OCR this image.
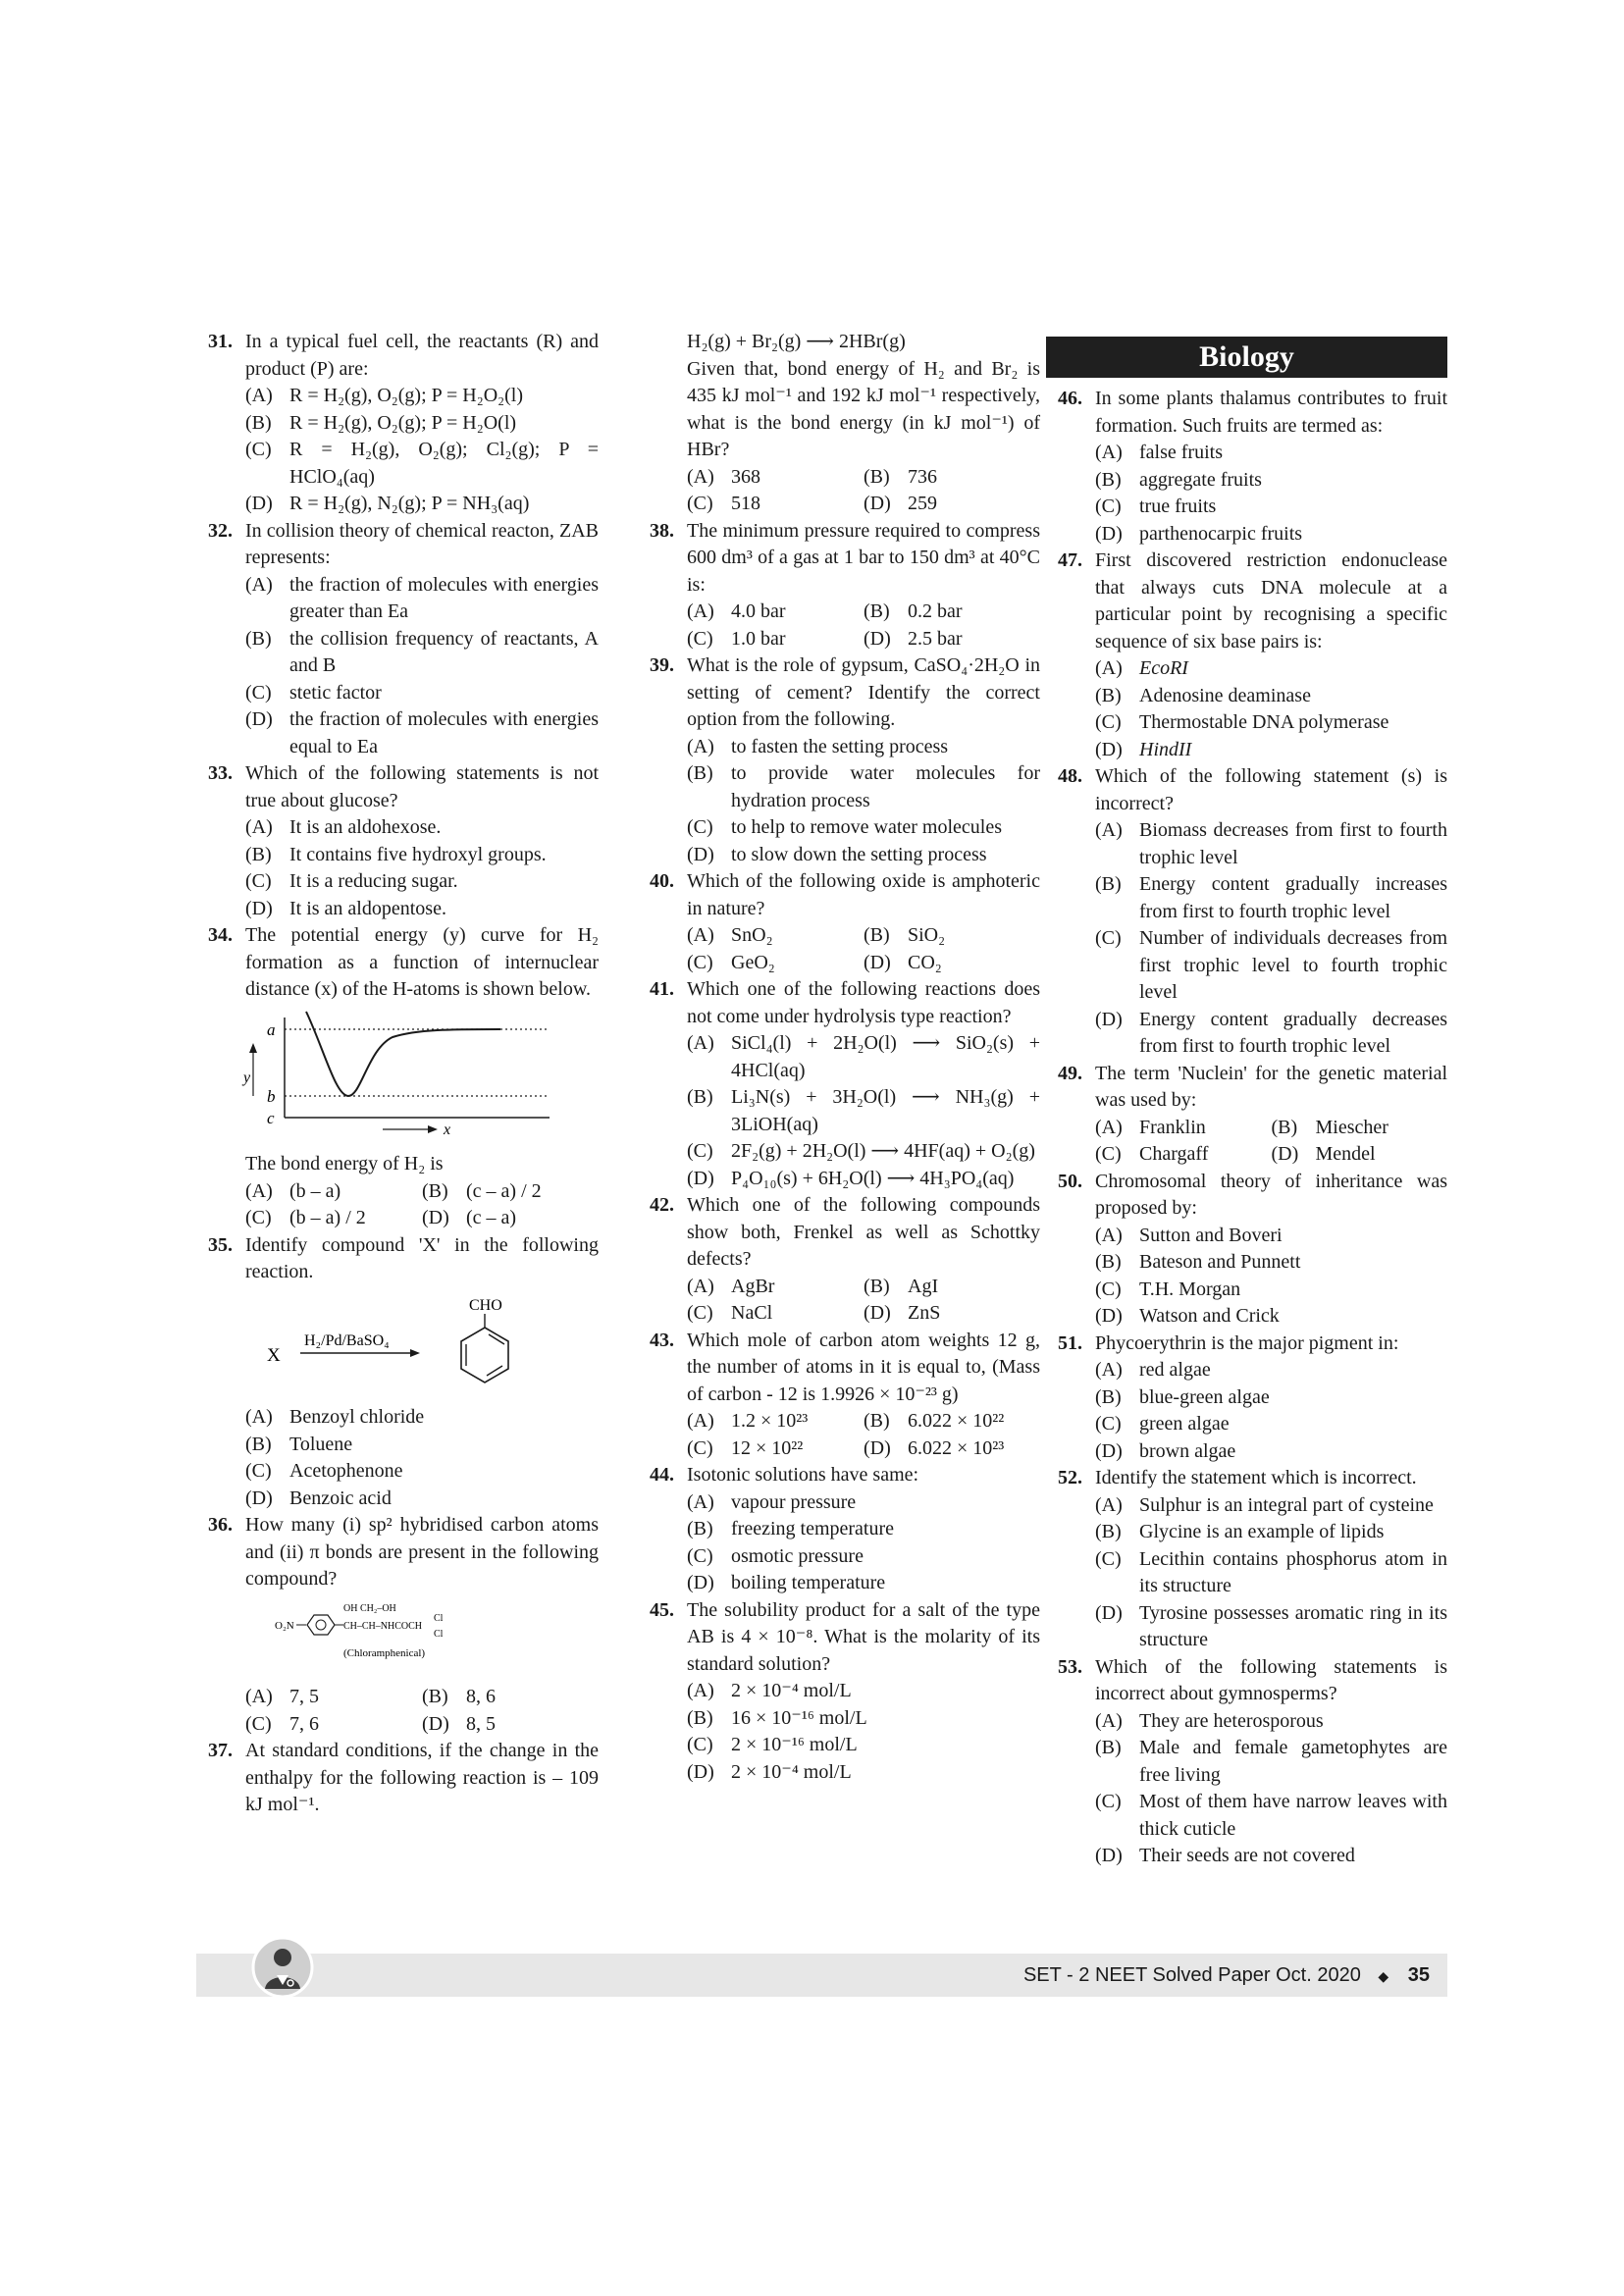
31. In a typical fuel cell, the reactants (R) and product (P) are:
(A) R = H₂(g), O₂(g); P = H₂O₂(l)
(B) R = H₂(g), O₂(g); P = H₂O(l)
(C) R = H₂(g), O₂(g); Cl₂(g); P = HClO₄(aq)
(D) R = H₂(g), N₂(g); P = NH₃(aq)
32. In collision theory of chemical reacton, ZAB represents:
(A) the fraction of molecules with energies greater than Ea
(B) the collision frequency of reactants, A and B
(C) stetic factor
(D) the fraction of molecules with energies equal to Ea
33. Which of the following statements is not true about glucose?
(A) It is an aldohexose.
(B) It contains five hydroxyl groups.
(C) It is a reducing sugar.
(D) It is an aldopentose.
34. The potential energy (y) curve for H₂ formation as a function of internuclear distance (x) of the H-atoms is shown below.
a
b
c
y
x
The bond energy of H₂ is
(A) (b – a)	(B) (c – a) / 2
(C) (b – a) / 2	(D) (c – a)
35. Identify compound 'X' in the following reaction.
X
H₂/Pd/BaSO₄
CHO
(A) Benzoyl chloride
(B) Toluene
(C) Acetophenone
(D) Benzoic acid
36. How many (i) sp² hybridised carbon atoms and (ii) π bonds are present in the following compound?
O₂N
OH CH₂–OH
CH–CH–NHCOCH
Cl
Cl
(Chloramphenical)
(A) 7, 5	(B) 8, 6
(C) 7, 6	(D) 8, 5
37. At standard conditions, if the change in the enthalpy for the following reaction is – 109 kJ mol⁻¹.
H₂(g) + Br₂(g) ⟶ 2HBr(g)
Given that, bond energy of H₂ and Br₂ is 435 kJ mol⁻¹ and 192 kJ mol⁻¹ respectively, what is the bond energy (in kJ mol⁻¹) of HBr?
(A) 368	(B) 736
(C) 518	(D) 259
38. The minimum pressure required to compress 600 dm³ of a gas at 1 bar to 150 dm³ at 40°C is:
(A) 4.0 bar	(B) 0.2 bar
(C) 1.0 bar	(D) 2.5 bar
39. What is the role of gypsum, CaSO₄·2H₂O in setting of cement? Identify the correct option from the following.
(A) to fasten the setting process
(B) to provide water molecules for hydration process
(C) to help to remove water molecules
(D) to slow down the setting process
40. Which of the following oxide is amphoteric in nature?
(A) SnO₂	(B) SiO₂
(C) GeO₂	(D) CO₂
41. Which one of the following reactions does not come under hydrolysis type reaction?
(A) SiCl₄(l) + 2H₂O(l) ⟶ SiO₂(s) + 4HCl(aq)
(B) Li₃N(s) + 3H₂O(l) ⟶ NH₃(g) + 3LiOH(aq)
(C) 2F₂(g) + 2H₂O(l) ⟶ 4HF(aq) + O₂(g)
(D) P₄O₁₀(s) + 6H₂O(l) ⟶ 4H₃PO₄(aq)
42. Which one of the following compounds show both, Frenkel as well as Schottky defects?
(A) AgBr	(B) AgI
(C) NaCl	(D) ZnS
43. Which mole of carbon atom weights 12 g, the number of atoms in it is equal to, (Mass of carbon - 12 is 1.9926 × 10⁻²³ g)
(A) 1.2 × 10²³	(B) 6.022 × 10²²
(C) 12 × 10²²	(D) 6.022 × 10²³
44. Isotonic solutions have same:
(A) vapour pressure
(B) freezing temperature
(C) osmotic pressure
(D) boiling temperature
45. The solubility product for a salt of the type AB is 4 × 10⁻⁸. What is the molarity of its standard solution?
(A) 2 × 10⁻⁴ mol/L
(B) 16 × 10⁻¹⁶ mol/L
(C) 2 × 10⁻¹⁶ mol/L
(D) 2 × 10⁻⁴ mol/L
Biology
46. In some plants thalamus contributes to fruit formation. Such fruits are termed as:
(A) false fruits
(B) aggregate fruits
(C) true fruits
(D) parthenocarpic fruits
47. First discovered restriction endonuclease that always cuts DNA molecule at a particular point by recognising a specific sequence of six base pairs is:
(A) EcoRI
(B) Adenosine deaminase
(C) Thermostable DNA polymerase
(D) HindII
48. Which of the following statement (s) is incorrect?
(A) Biomass decreases from first to fourth trophic level
(B) Energy content gradually increases from first to fourth trophic level
(C) Number of individuals decreases from first trophic level to fourth trophic level
(D) Energy content gradually decreases from first to fourth trophic level
49. The term 'Nuclein' for the genetic material was used by:
(A) Franklin	(B) Miescher
(C) Chargaff	(D) Mendel
50. Chromosomal theory of inheritance was proposed by:
(A) Sutton and Boveri
(B) Bateson and Punnett
(C) T.H. Morgan
(D) Watson and Crick
51. Phycoerythrin is the major pigment in:
(A) red algae
(B) blue-green algae
(C) green algae
(D) brown algae
52. Identify the statement which is incorrect.
(A) Sulphur is an integral part of cysteine
(B) Glycine is an example of lipids
(C) Lecithin contains phosphorus atom in its structure
(D) Tyrosine possesses aromatic ring in its structure
53. Which of the following statements is incorrect about gymnosperms?
(A) They are heterosporous
(B) Male and female gametophytes are free living
(C) Most of them have narrow leaves with thick cuticle
(D) Their seeds are not covered
SET - 2 NEET Solved Paper Oct. 2020 ◆ 35
